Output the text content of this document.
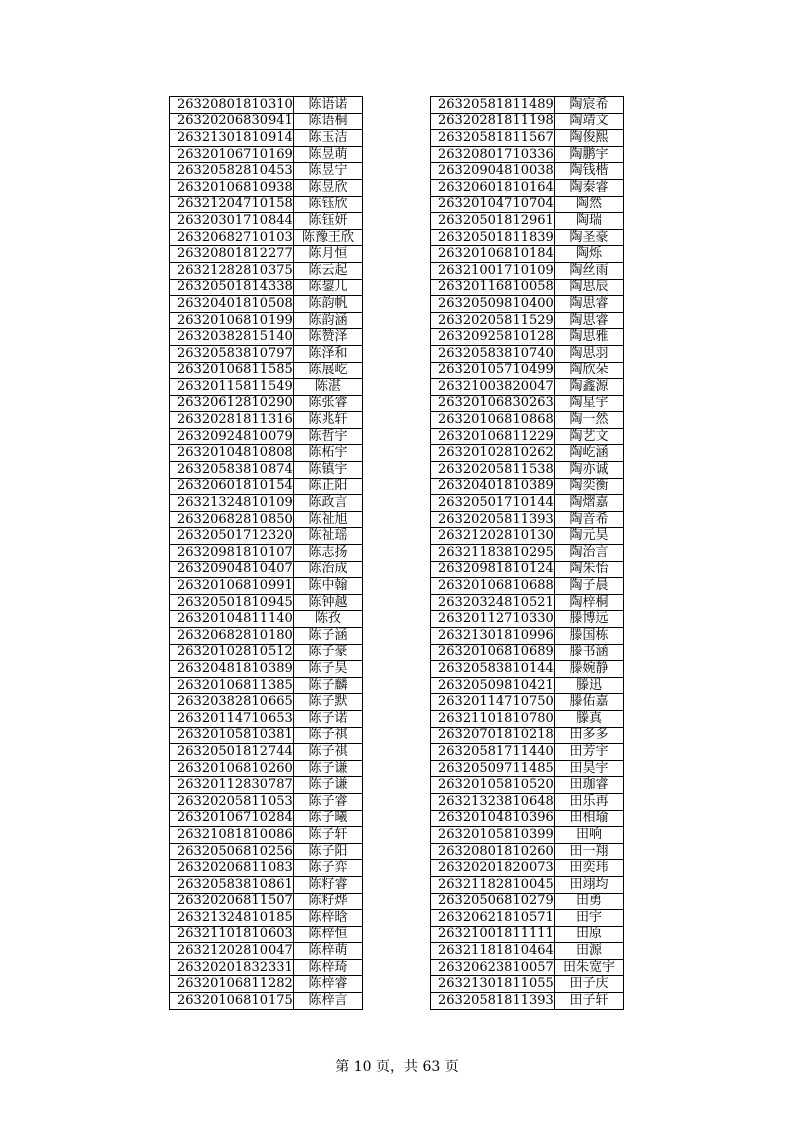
26320801810310	陈语诺
26320206830941	陈语桐
26321301810914	陈玉洁
26320106710169	陈昱萌
26320582810453	陈昱宁
26320106810938	陈昱欣
26321204710158	陈钰欣
26320301710844	陈钰妍
26320682710103	陈豫王欣
26320801812277	陈月恒
26321282810375	陈云起
26320501814338	陈鋆儿
26320401810508	陈韵帆
26320106810199	陈韵涵
26320382815140	陈赞泽
26320583810797	陈泽和
26320106811585	陈展屹
26320115811549	陈湛
26320612810290	陈张睿
26320281811316	陈兆轩
26320924810079	陈哲宇
26320104810808	陈柘宇
26320583810874	陈镇宇
26320601810154	陈正阳
26321324810109	陈政言
26320682810850	陈祉旭
26320501712320	陈祉瑶
26320981810107	陈志扬
26320904810407	陈治成
26320106810991	陈中翰
26320501810945	陈钟越
26320104811140	陈孜
26320682810180	陈子涵
26320102810512	陈子豪
26320481810389	陈子昊
26320106811385	陈子麟
26320382810665	陈子默
26320114710653	陈子诺
26320105810381	陈子祺
26320501812744	陈子祺
26320106810260	陈子谦
26320112830787	陈子谦
26320205811053	陈子睿
26320106710284	陈子曦
26321081810086	陈子轩
26320506810256	陈子阳
26320206811083	陈子弈
26320583810861	陈籽睿
26320206811507	陈籽烨
26321324810185	陈梓晗
26321101810603	陈梓恒
26321202810047	陈梓萌
26320201832331	陈梓琦
26320106811282	陈梓睿
26320106810175	陈梓言
26320581811489	陶宸希
26320281811198	陶靖文
26320581811567	陶俊熙
26320801710336	陶鹏宇
26320904810038	陶钱楷
26320601810164	陶秦睿
26320104710704	陶然
26320501812961	陶瑞
26320501811839	陶圣豪
26320106810184	陶烁
26321001710109	陶丝雨
26320116810058	陶思辰
26320509810400	陶思睿
26320205811529	陶思睿
26320925810128	陶思雅
26320583810740	陶思羽
26320105710499	陶欣朵
26321003820047	陶鑫源
26320106830263	陶星宇
26320106810868	陶一然
26320106811229	陶艺文
26320102810262	陶屹涵
26320205811538	陶亦诚
26320401810389	陶奕衡
26320501710144	陶熠嘉
26320205811393	陶音希
26321202810130	陶元昊
26321183810295	陶治言
26320981810124	陶朱怡
26320106810688	陶子晨
26320324810521	陶梓桐
26320112710330	滕博远
26321301810996	滕国栋
26320106810689	滕书涵
26320583810144	滕婉静
26320509810421	滕迅
26320114710750	滕佑嘉
26321101810780	滕真
26320701810218	田多多
26320581711440	田芳宇
26320509711485	田昊宇
26320105810520	田珈睿
26321323810648	田乐再
26320104810396	田相瑜
26320105810399	田响
26320801810260	田一翔
26320201820073	田奕玮
26321182810045	田翊均
26320506810279	田勇
26320621810571	田宇
26321001811111	田原
26321181810464	田源
26320623810057	田朱宽宇
26321301811055	田子庆
26320581811393	田子轩
第 10 页，共 63 页
